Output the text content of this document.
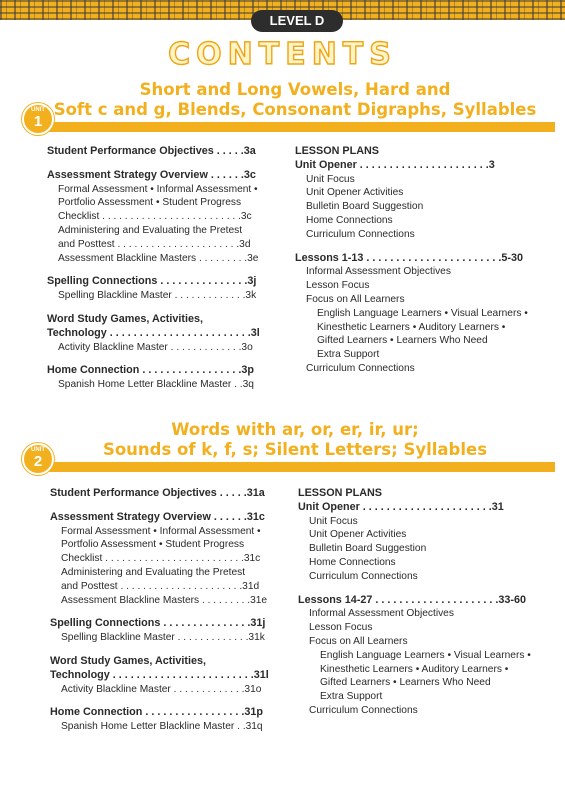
LEVEL D
CONTENTS
Short and Long Vowels, Hard and
Soft c and g, Blends, Consonant Digraphs, Syllables
UNIT
1
Student Performance Objectives . . . . .3a
Assessment Strategy Overview . . . . . .3c
Formal Assessment • Informal Assessment •
Portfolio Assessment • Student Progress
Checklist . . . . . . . . . . . . . . . . . . . . . . . . .3c
Administering and Evaluating the Pretest
and Posttest . . . . . . . . . . . . . . . . . . . . . .3d
Assessment Blackline Masters . . . . . . . . .3e
Spelling Connections . . . . . . . . . . . . . . .3j
Spelling Blackline Master . . . . . . . . . . . . .3k
Word Study Games, Activities,
Technology . . . . . . . . . . . . . . . . . . . . . . . .3l
Activity Blackline Master . . . . . . . . . . . . .3o
Home Connection . . . . . . . . . . . . . . . . .3p
Spanish Home Letter Blackline Master . .3q
LESSON PLANS
Unit Opener . . . . . . . . . . . . . . . . . . . . . .3
Unit Focus
Unit Opener Activities
Bulletin Board Suggestion
Home Connections
Curriculum Connections
Lessons 1-13 . . . . . . . . . . . . . . . . . . . . . . .5-30
Informal Assessment Objectives
Lesson Focus
Focus on All Learners
English Language Learners • Visual Learners •
Kinesthetic Learners • Auditory Learners •
Gifted Learners • Learners Who Need
Extra Support
Curriculum Connections
Words with ar, or, er, ir, ur;
Sounds of k, f, s; Silent Letters; Syllables
UNIT
2
Student Performance Objectives . . . . .31a
Assessment Strategy Overview . . . . . .31c
Formal Assessment • Informal Assessment •
Portfolio Assessment • Student Progress
Checklist . . . . . . . . . . . . . . . . . . . . . . . . .31c
Administering and Evaluating the Pretest
and Posttest . . . . . . . . . . . . . . . . . . . . . .31d
Assessment Blackline Masters . . . . . . . . .31e
Spelling Connections . . . . . . . . . . . . . . .31j
Spelling Blackline Master . . . . . . . . . . . . .31k
Word Study Games, Activities,
Technology . . . . . . . . . . . . . . . . . . . . . . . .31l
Activity Blackline Master . . . . . . . . . . . . .31o
Home Connection . . . . . . . . . . . . . . . . .31p
Spanish Home Letter Blackline Master . .31q
LESSON PLANS
Unit Opener . . . . . . . . . . . . . . . . . . . . . .31
Unit Focus
Unit Opener Activities
Bulletin Board Suggestion
Home Connections
Curriculum Connections
Lessons 14-27 . . . . . . . . . . . . . . . . . . . . .33-60
Informal Assessment Objectives
Lesson Focus
Focus on All Learners
English Language Learners • Visual Learners •
Kinesthetic Learners • Auditory Learners •
Gifted Learners • Learners Who Need
Extra Support
Curriculum Connections
